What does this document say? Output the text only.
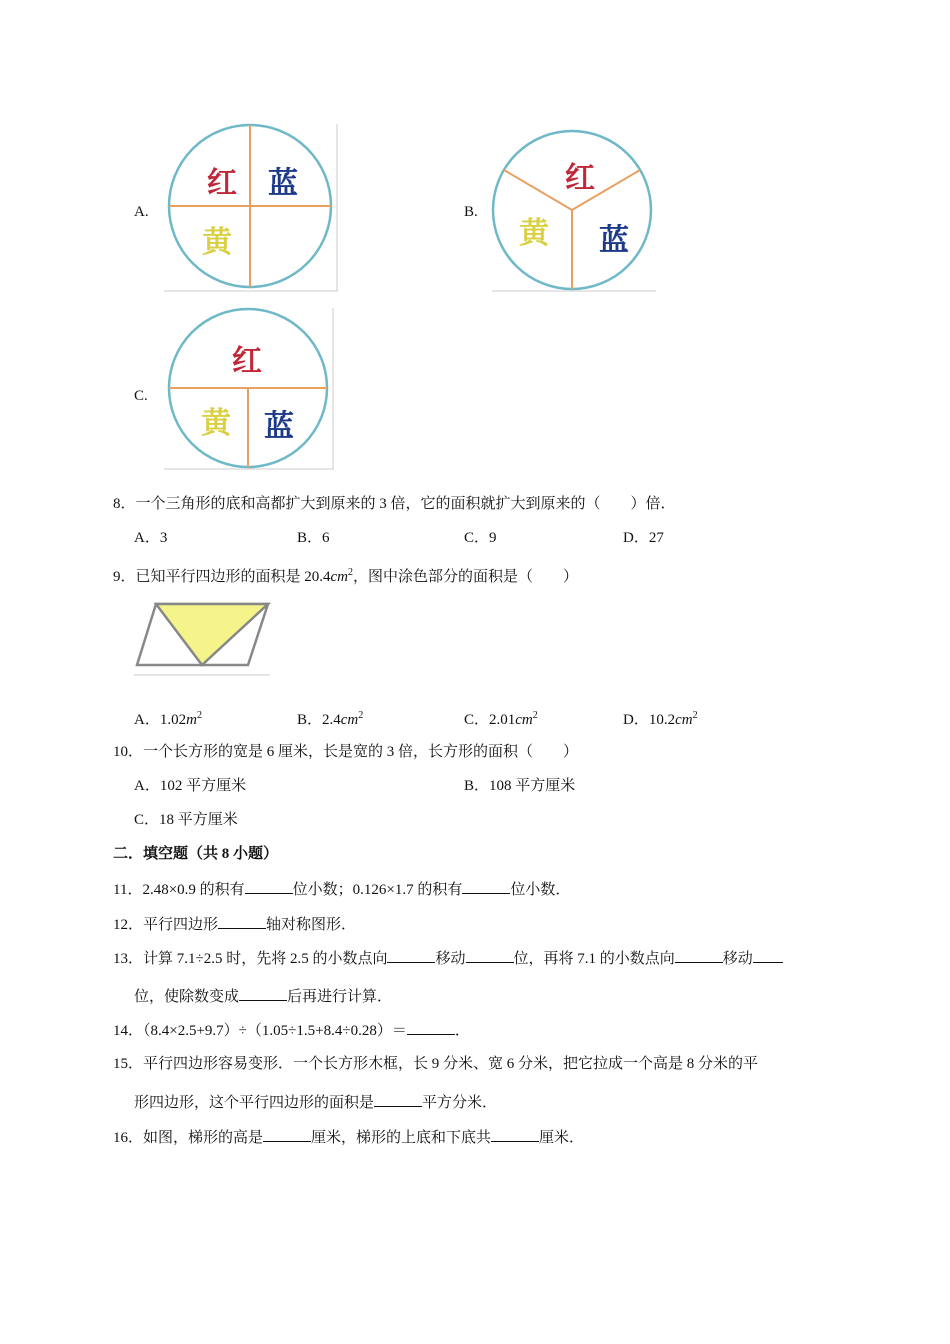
A.
红 蓝
黄
B.
红
黄 蓝
C.
红
黄 蓝
8．一个三角形的底和高都扩大到原来的 3 倍，它的面积就扩大到原来的（　　）倍．
A．3	B．6	C．9	D．27
9．已知平行四边形的面积是 $20.4cm^2$，图中涂色部分的面积是（　　）
A．$1.02m^2$	B．$2.4cm^2$	C．$2.01cm^2$	D．$10.2cm^2$
10．一个长方形的宽是 6 厘米，长是宽的 3 倍，长方形的面积（　　）
A．102 平方厘米	B．108 平方厘米
C．18 平方厘米
二．填空题（共 8 小题）
11．2.48×0.9 的积有	位小数；0.126×1.7 的积有	位小数．
12．平行四边形	轴对称图形．
13．计算 7.1÷2.5 时，先将 2.5 的小数点向	移动	位，再将 7.1 的小数点向	移动
位，使除数变成	后再进行计算．
14．（8.4×2.5+9.7）÷（1.05÷1.5+8.4÷0.28）＝	．
15．平行四边形容易变形．一个长方形木框，长 9 分米、宽 6 分米，把它拉成一个高是 8 分米的平
形四边形，这个平行四边形的面积是	平方分米．
16．如图，梯形的高是	厘米，梯形的上底和下底共	厘米．
